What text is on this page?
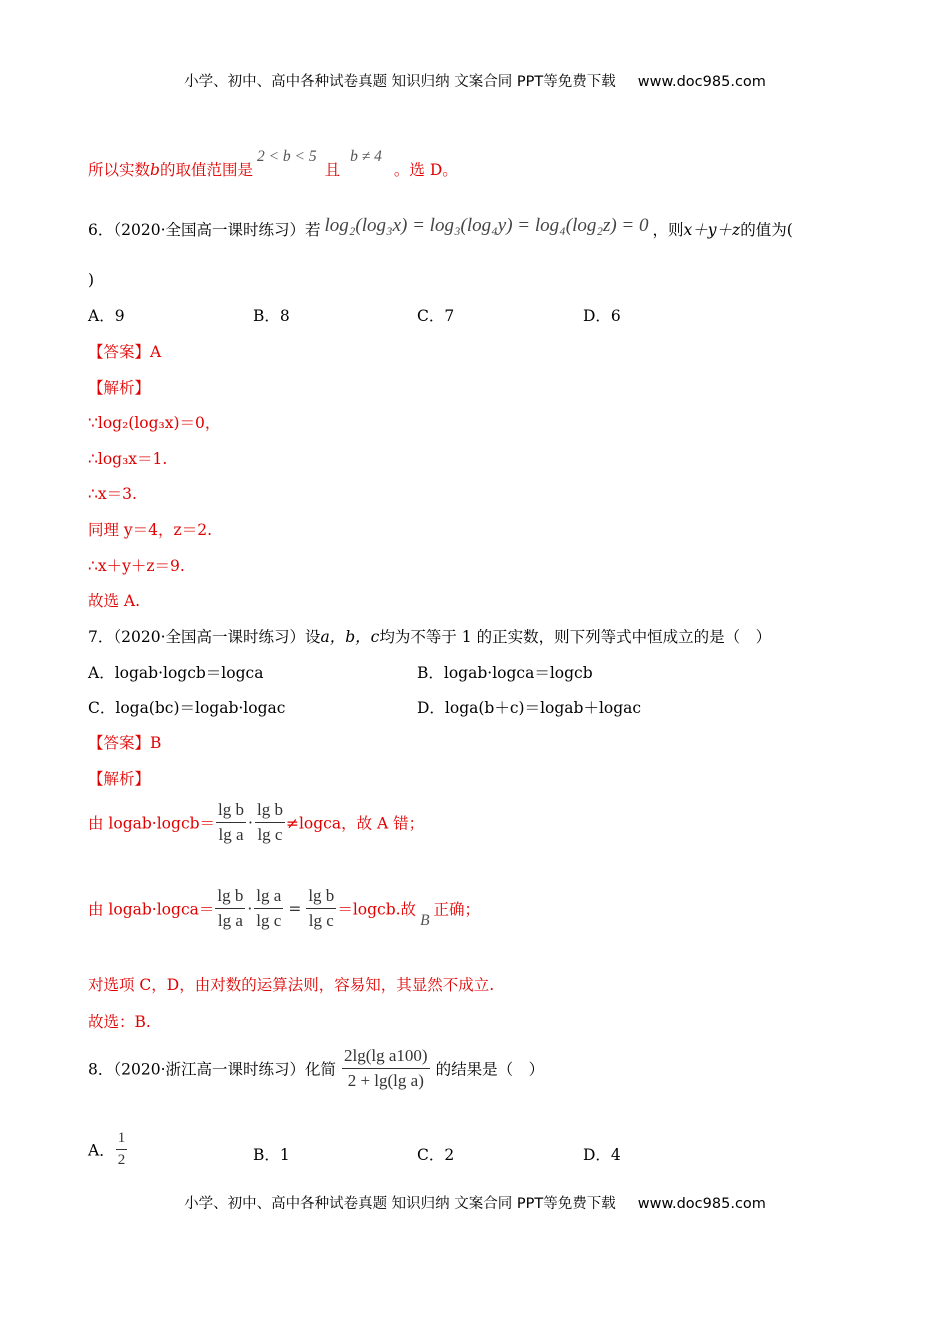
小学、初中、高中各种试卷真题 知识归纳 文案合同 PPT等免费下载 www.doc985.com
所以实数b的取值范围是2 < b < 5且b ≠ 4。选 D。
6．（2020·全国高一课时练习）若 log₂(log₃x) = log₃(log₄y) = log₄(log₂z) = 0 ，则x＋y＋z的值为(
)
A．9	B．8	C．7	D．6
【答案】A
【解析】
∵log₂(log₃x)＝0，
∴log₃x＝1.
∴x＝3.
同理 y＝4，z＝2.
∴x＋y＋z＝9.
故选 A.
7．（2020·全国高一课时练习）设a，b，c均为不等于 1 的正实数，则下列等式中恒成立的是（　）
A．logab·logcb＝logca	B．logab·logca＝logcb
C．loga(bc)＝logab·logac	D．loga(b＋c)＝logab＋logac
【答案】B
【解析】
由 logab·logcb＝ $\frac{\text{lg b}}{\text{lg a}} \cdot \frac{\text{lg b}}{\text{lg c}}$ ≠logca，故 A 错；
由 logab·logca＝ $\frac{\text{lg b}}{\text{lg a}} \cdot \frac{\text{lg a}}{\text{lg c}} = \frac{\text{lg b}}{\text{lg c}}$ ＝logcb.故B正确；
对选项 C，D，由对数的运算法则，容易知，其显然不成立.
故选：B.
8．（2020·浙江高一课时练习）化简 $\frac{\text{2lg(lg a100)}}{\text{2 + lg(lg a)}}$ 的结果是（　）
A． $\frac{1}{2}$	B．1	C．2	D．4
小学、初中、高中各种试卷真题 知识归纳 文案合同 PPT等免费下载 www.doc985.com
